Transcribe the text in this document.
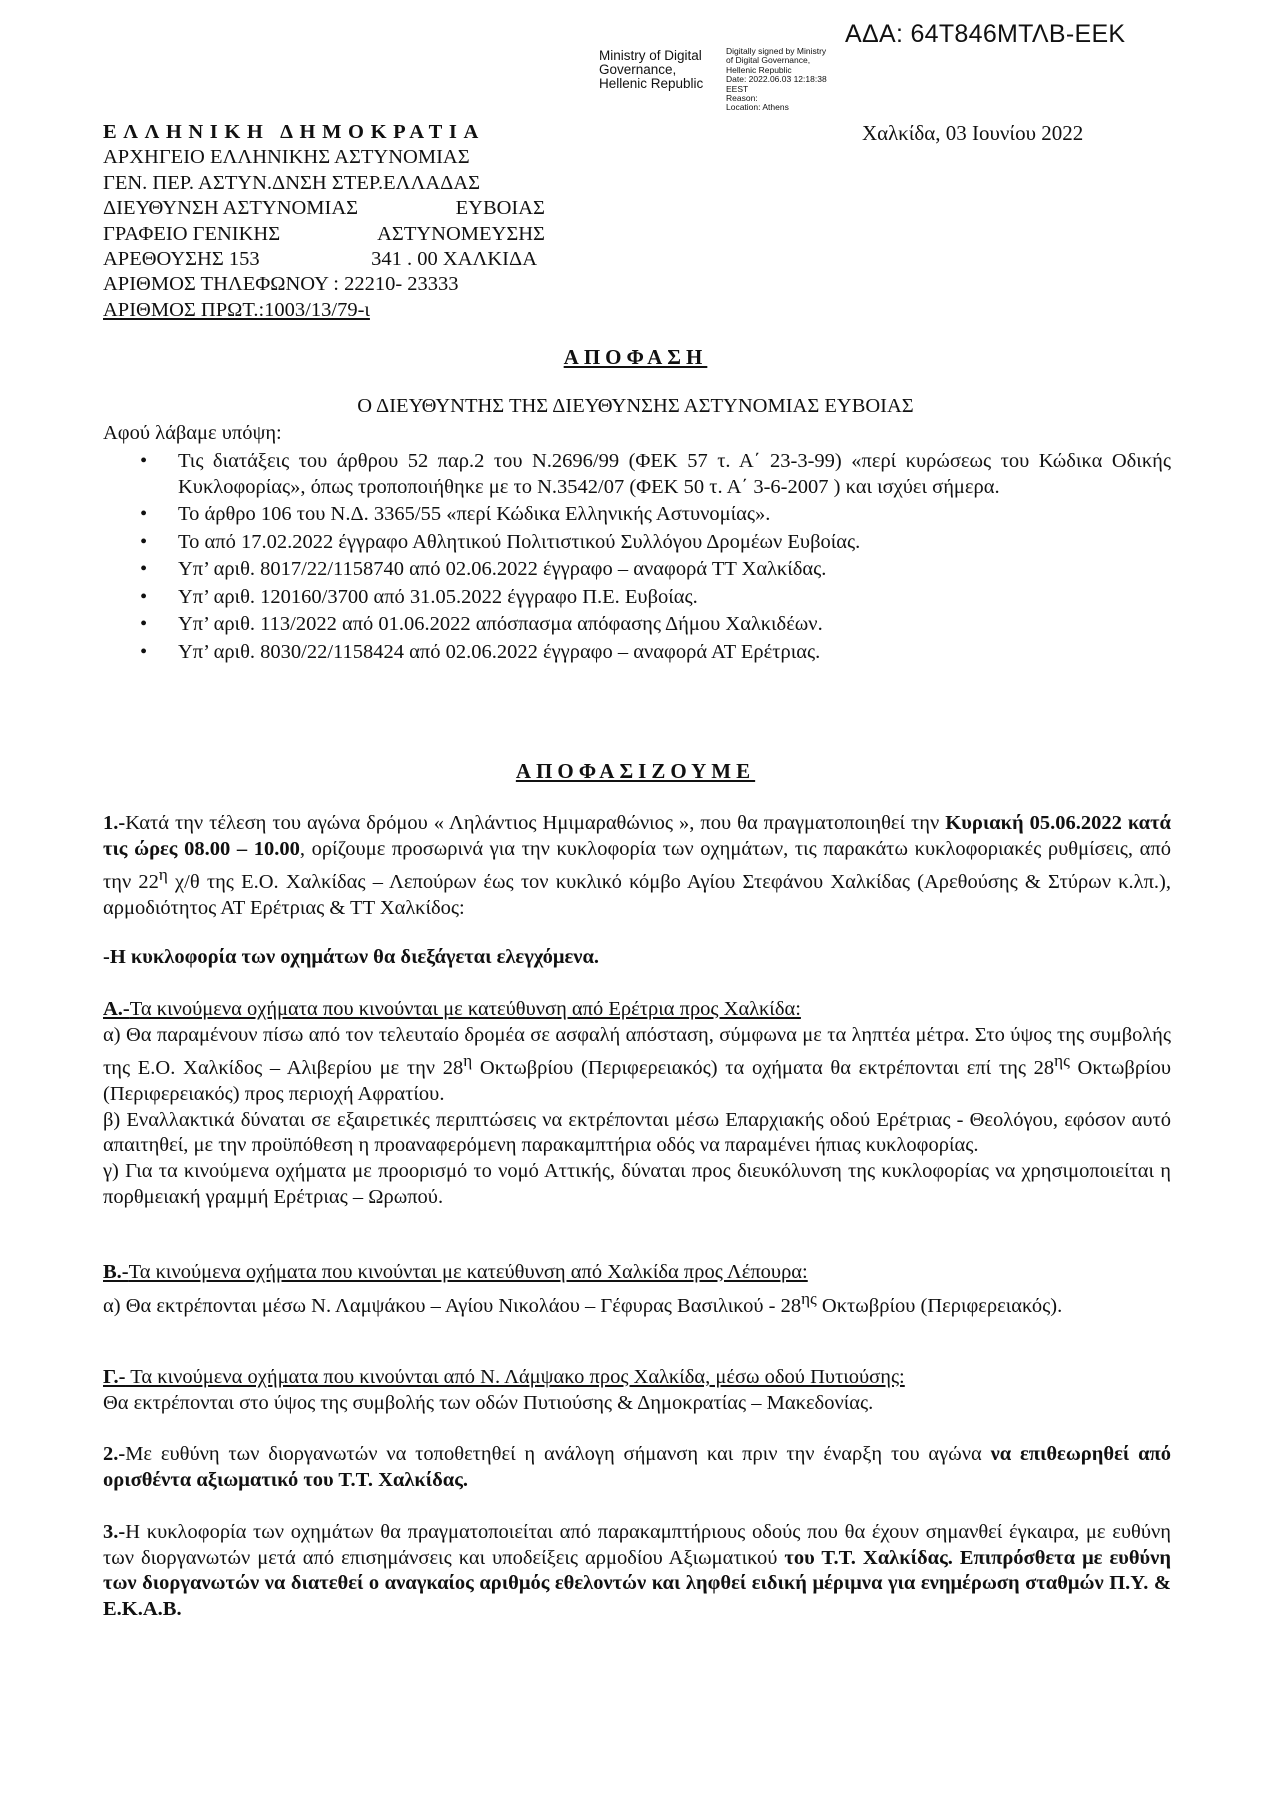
ΑΔΑ: 64Τ846ΜΤΛΒ-ΕΕΚ
Ministry of Digital
Governance,
Hellenic Republic
Digitally signed by Ministry
of Digital Governance,
Hellenic Republic
Date: 2022.06.03 12:18:38
EEST
Reason:
Location: Athens
Χαλκίδα, 03 Ιουνίου 2022
ΕΛΛΗΝΙΚΗ ΔΗΜΟΚΡΑΤΙΑ
ΑΡΧΗΓΕΙΟ ΕΛΛΗΝΙΚΗΣ ΑΣΤΥΝΟΜΙΑΣ
ΓΕΝ. ΠΕΡ. ΑΣΤΥΝ.ΔΝΣΗ ΣΤΕΡ.ΕΛΛΑΔΑΣ
ΔΙΕΥΘΥΝΣΗ ΑΣΤΥΝΟΜΙΑΣ	ΕΥΒΟΙΑΣ
ΓΡΑΦΕΙΟ ΓΕΝΙΚΗΣ	ΑΣΤΥΝΟΜΕΥΣΗΣ
ΑΡΕΘΟΥΣΗΣ 153	341 . 00 ΧΑΛΚΙΔΑ
ΑΡΙΘΜΟΣ ΤΗΛΕΦΩΝΟΥ : 22210- 23333
ΑΡΙΘΜΟΣ ΠΡΩΤ.:1003/13/79-ι
ΑΠΟΦΑΣΗ
Ο ΔΙΕΥΘΥΝΤΗΣ ΤΗΣ ΔΙΕΥΘΥΝΣΗΣ ΑΣΤΥΝΟΜΙΑΣ ΕΥΒΟΙΑΣ
Αφού λάβαμε υπόψη:
• Τις διατάξεις του άρθρου 52 παρ.2 του Ν.2696/99 (ΦΕΚ 57 τ. Α΄ 23-3-99) «περί κυρώσεως του Κώδικα Οδικής Κυκλοφορίας», όπως τροποποιήθηκε με το Ν.3542/07 (ΦΕΚ 50 τ. Α΄ 3-6-2007 ) και ισχύει σήμερα.
• Το άρθρο 106 του Ν.Δ. 3365/55 «περί Κώδικα Ελληνικής Αστυνομίας».
• Το από 17.02.2022 έγγραφο Αθλητικού Πολιτιστικού Συλλόγου Δρομέων Ευβοίας.
• Υπ’ αριθ. 8017/22/1158740 από 02.06.2022 έγγραφο – αναφορά ΤΤ Χαλκίδας.
• Υπ’ αριθ. 120160/3700 από 31.05.2022 έγγραφο Π.Ε. Ευβοίας.
• Υπ’ αριθ. 113/2022 από 01.06.2022 απόσπασμα απόφασης Δήμου Χαλκιδέων.
• Υπ’ αριθ. 8030/22/1158424 από 02.06.2022 έγγραφο – αναφορά ΑΤ Ερέτριας.
ΑΠΟΦΑΣΙΖΟΥΜΕ

1.-Κατά την τέλεση του αγώνα δρόμου « Ληλάντιος Ημιμαραθώνιος », που θα πραγματοποιηθεί την Κυριακή 05.06.2022 κατά τις ώρες 08.00 – 10.00, ορίζουμε προσωρινά για την κυκλοφορία των οχημάτων, τις παρακάτω κυκλοφοριακές ρυθμίσεις, από την $22^\eta$ χ/θ της Ε.Ο. Χαλκίδας – Λεπούρων έως τον κυκλικό κόμβο Αγίου Στεφάνου Χαλκίδας (Αρεθούσης & Στύρων κ.λπ.), αρμοδιότητος ΑΤ Ερέτριας & ΤΤ Χαλκίδος:

-Η κυκλοφορία των οχημάτων θα διεξάγεται ελεγχόμενα.

Α.-Τα κινούμενα οχήματα που κινούνται με κατεύθυνση από Ερέτρια προς Χαλκίδα:

α) Θα παραμένουν πίσω από τον τελευταίο δρομέα σε ασφαλή απόσταση, σύμφωνα με τα ληπτέα μέτρα. Στο ύψος της συμβολής της Ε.Ο. Χαλκίδος – Αλιβερίου με την $28^\eta$ Οκτωβρίου (Περιφερειακός) τα οχήματα θα εκτρέπονται επί της $28^{\eta\varsigma}$ Οκτωβρίου (Περιφερειακός) προς περιοχή Αφρατίου.

β) Εναλλακτικά δύναται σε εξαιρετικές περιπτώσεις να εκτρέπονται μέσω Επαρχιακής οδού Ερέτριας - Θεολόγου, εφόσον αυτό απαιτηθεί, με την προϋπόθεση η προαναφερόμενη παρακαμπτήρια οδός να παραμένει ήπιας κυκλοφορίας.

γ) Για τα κινούμενα οχήματα με προορισμό το νομό Αττικής, δύναται προς διευκόλυνση της κυκλοφορίας να χρησιμοποιείται η πορθμειακή γραμμή Ερέτριας – Ωρωπού.

Β.-Τα κινούμενα οχήματα που κινούνται με κατεύθυνση από Χαλκίδα προς Λέπουρα:

α) Θα εκτρέπονται μέσω Ν. Λαμψάκου – Αγίου Νικολάου – Γέφυρας Βασιλικού - $28^{\eta\varsigma}$ Οκτωβρίου (Περιφερειακός).

Γ.- Τα κινούμενα οχήματα που κινούνται από Ν. Λάμψακο προς Χαλκίδα, μέσω οδού Πυτιούσης:

Θα εκτρέπονται στο ύψος της συμβολής των οδών Πυτιούσης & Δημοκρατίας – Μακεδονίας.

2.-Με ευθύνη των διοργανωτών να τοποθετηθεί η ανάλογη σήμανση και πριν την έναρξη του αγώνα να επιθεωρηθεί από ορισθέντα αξιωματικό του Τ.Τ. Χαλκίδας.

3.-Η κυκλοφορία των οχημάτων θα πραγματοποιείται από παρακαμπτήριους οδούς που θα έχουν σημανθεί έγκαιρα, με ευθύνη των διοργανωτών μετά από επισημάνσεις και υποδείξεις αρμοδίου Αξιωματικού του Τ.Τ. Χαλκίδας. Επιπρόσθετα με ευθύνη των διοργανωτών να διατεθεί ο αναγκαίος αριθμός εθελοντών και ληφθεί ειδική μέριμνα για ενημέρωση σταθμών Π.Υ. & Ε.Κ.Α.Β.
